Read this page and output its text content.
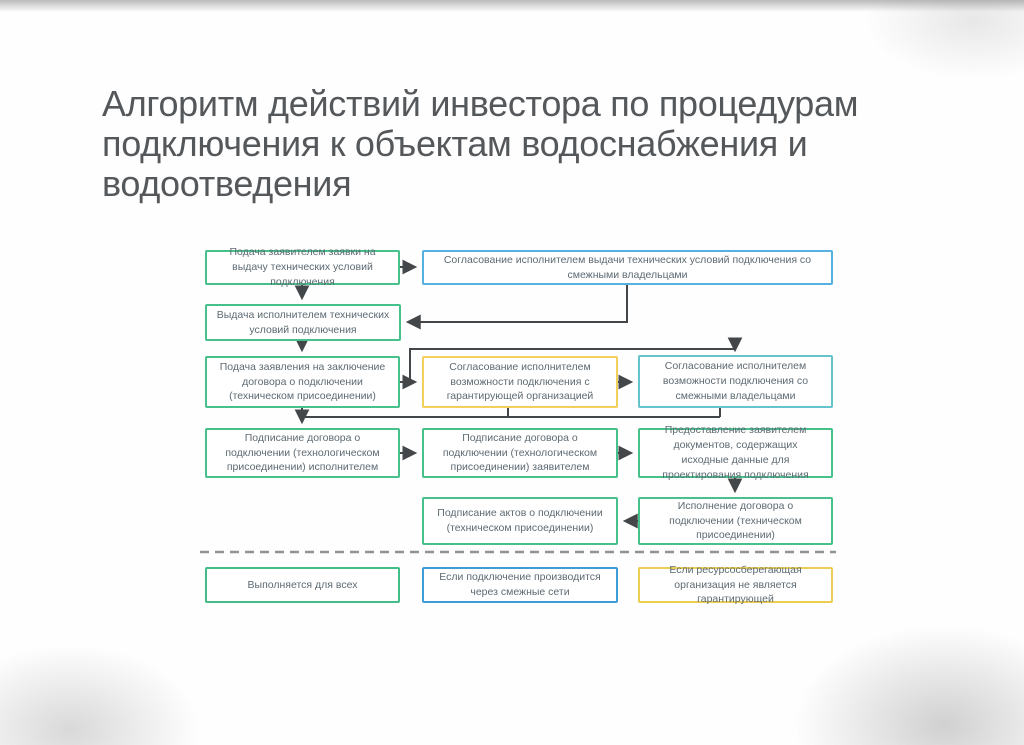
Алгоритм действий инвестора по процедурам подключения к объектам водоснабжения и водоотведения
Подача заявителем заявки на выдачу технических условий подключения
Согласование исполнителем выдачи технических условий подключения со смежными владельцами
Выдача исполнителем технических условий подключения
Подача заявления на заключение договора о подключении (техническом присоединении)
Согласование исполнителем возможности подключения с гарантирующей организацией
Согласование исполнителем возможности подключения со смежными владельцами
Подписание договора о подключении (технологическом присоединении) исполнителем
Подписание договора о подключении (технологическом присоединении) заявителем
Предоставление заявителем документов, содержащих исходные данные для проектирования подключения
Подписание актов о подключении (техническом присоединении)
Исполнение договора о подключении (техническом присоединении)
Выполняется для всех
Если подключение производится через смежные сети
Если ресурсосберегающая организация не является гарантирующей
